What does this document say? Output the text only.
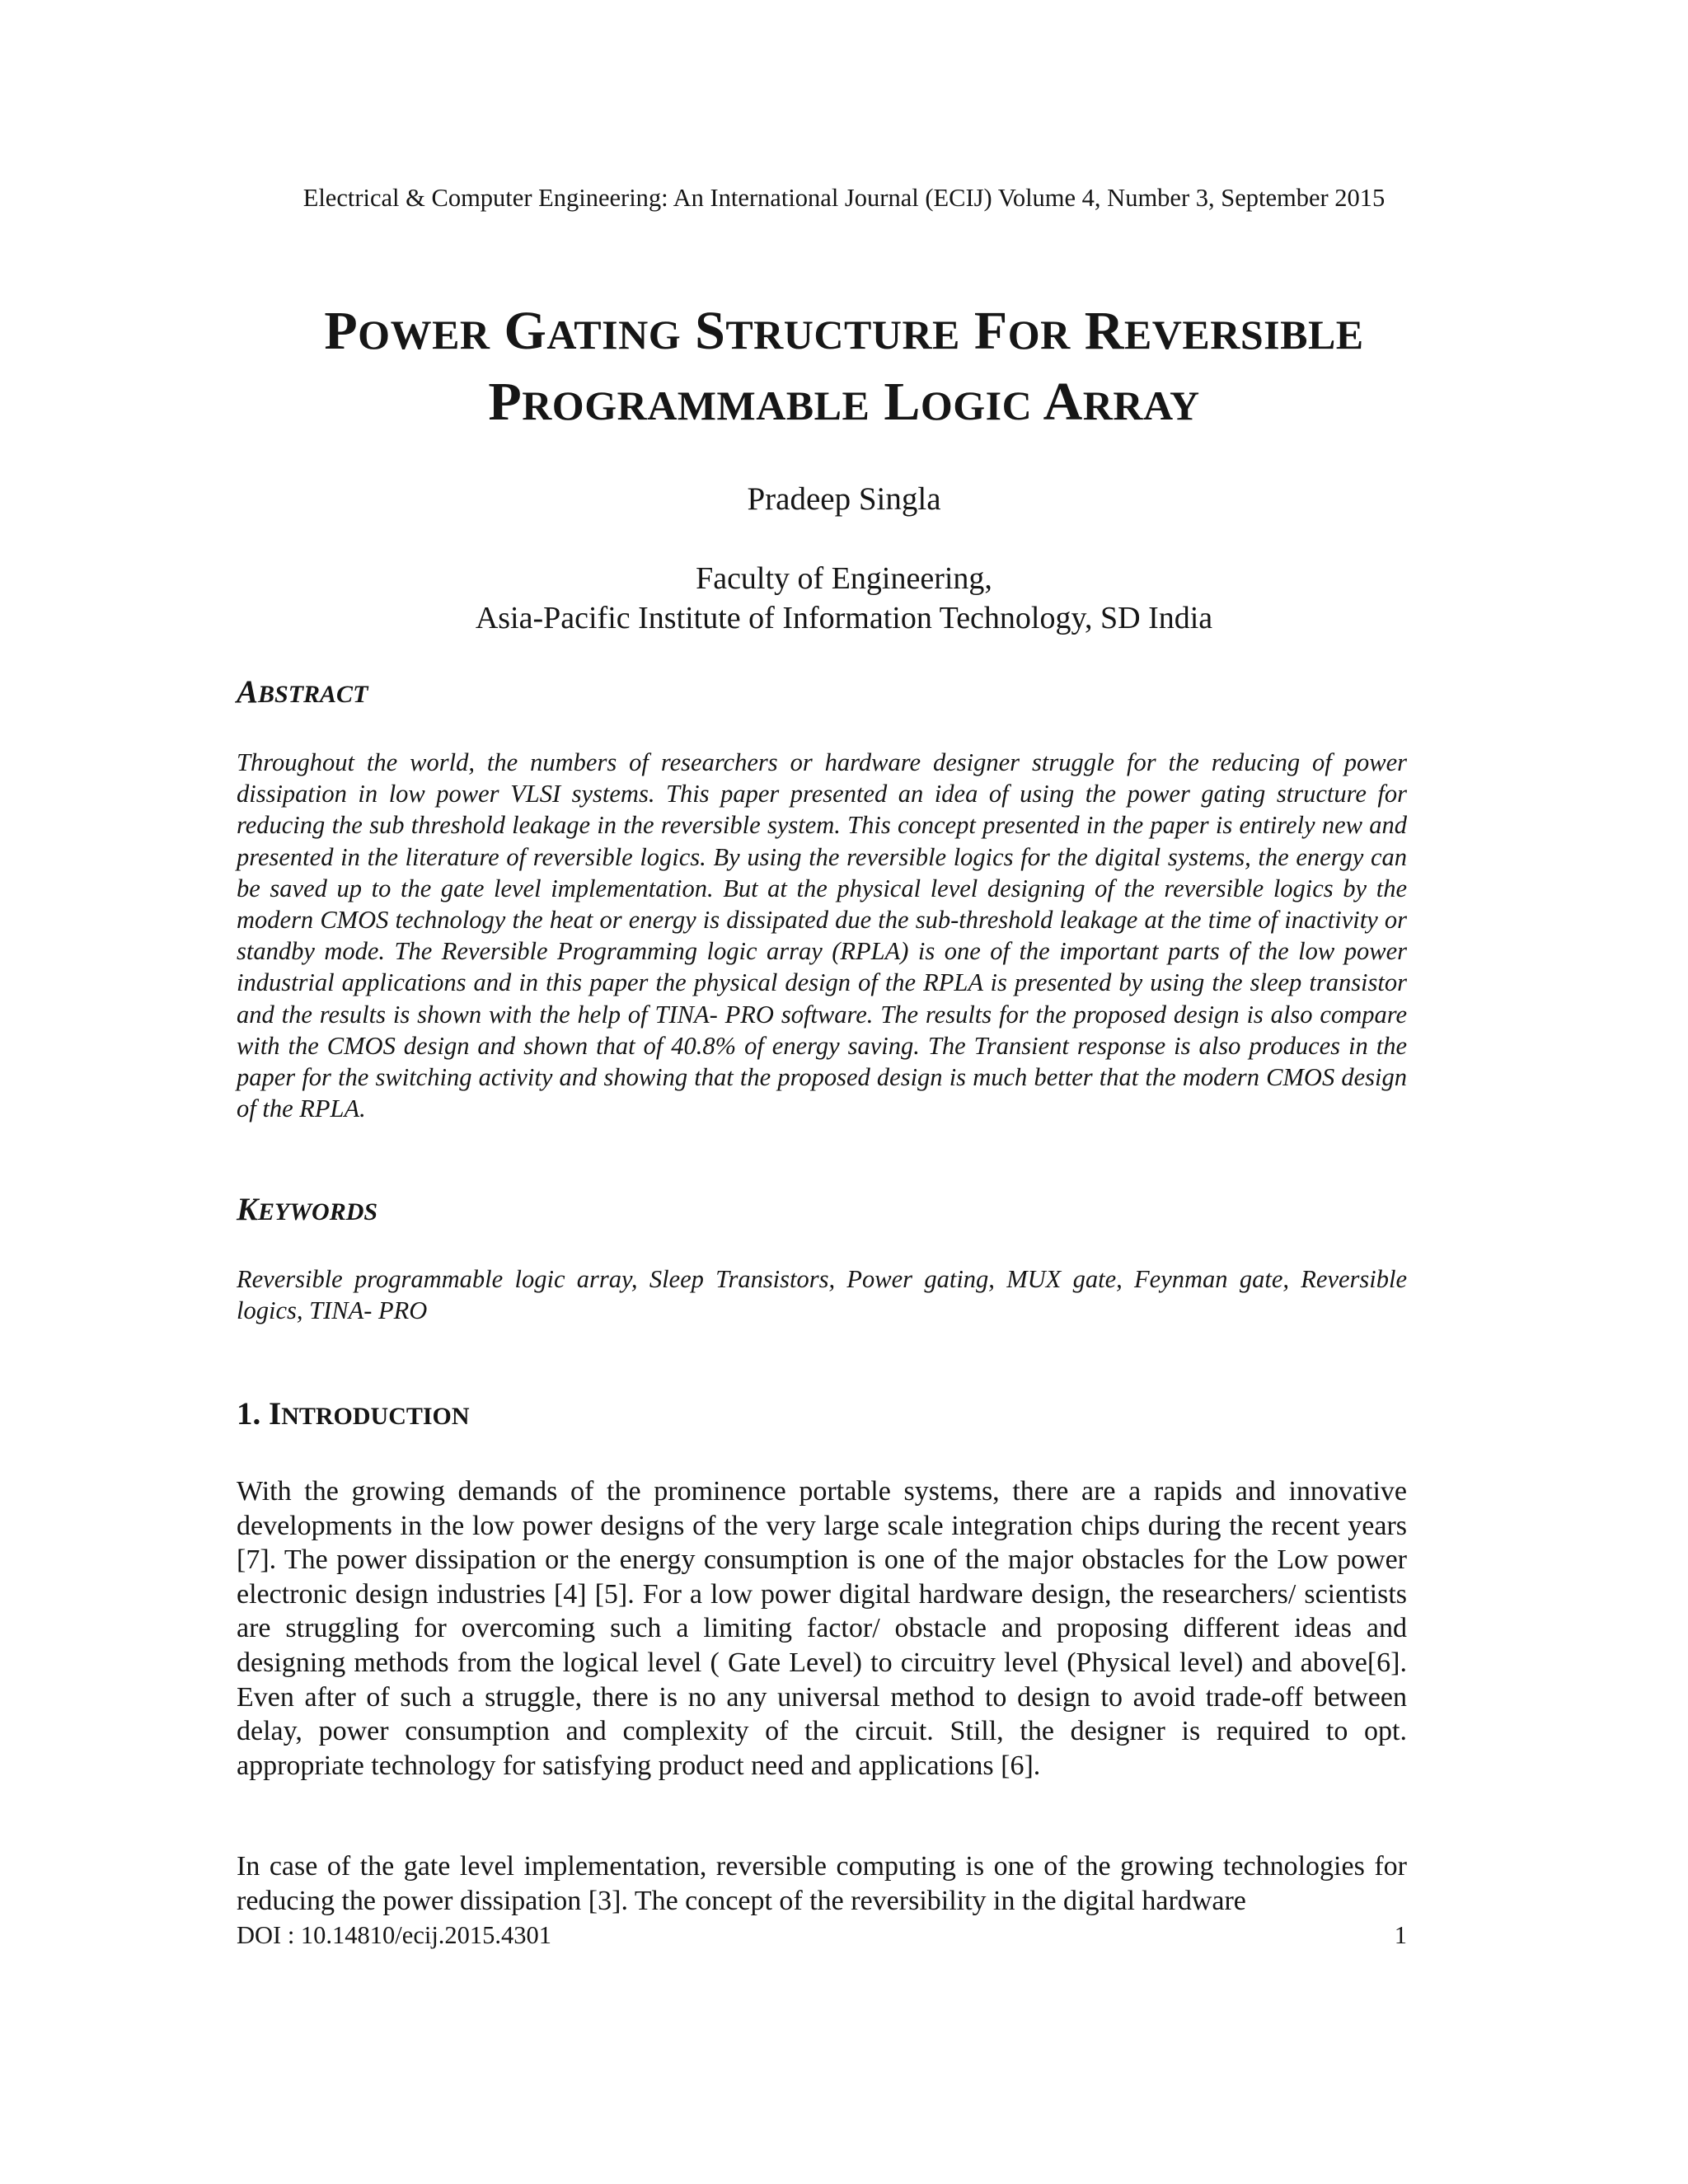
Electrical & Computer Engineering: An International Journal (ECIJ) Volume 4, Number 3, September 2015
POWER GATING STRUCTURE FOR REVERSIBLE
PROGRAMMABLE LOGIC ARRAY
Pradeep Singla
Faculty of Engineering,
Asia-Pacific Institute of Information Technology, SD India
ABSTRACT
Throughout the world, the numbers of researchers or hardware designer struggle for the reducing of power dissipation in low power VLSI systems. This paper presented an idea of using the power gating structure for reducing the sub threshold leakage in the reversible system. This concept presented in the paper is entirely new and presented in the literature of reversible logics. By using the reversible logics for the digital systems, the energy can be saved up to the gate level implementation. But at the physical level designing of the reversible logics by the modern CMOS technology the heat or energy is dissipated due the sub-threshold leakage at the time of inactivity or standby mode. The Reversible Programming logic array (RPLA) is one of the important parts of the low power industrial applications and in this paper the physical design of the RPLA is presented by using the sleep transistor and the results is shown with the help of TINA- PRO software. The results for the proposed design is also compare with the CMOS design and shown that of 40.8% of energy saving. The Transient response is also produces in the paper for the switching activity and showing that the proposed design is much better that the modern CMOS design of the RPLA.
KEYWORDS
Reversible programmable logic array, Sleep Transistors, Power gating, MUX gate, Feynman gate, Reversible logics, TINA- PRO
1. INTRODUCTION
With the growing demands of the prominence portable systems, there are a rapids and innovative developments in the low power designs of the very large scale integration chips during the recent years [7]. The power dissipation or the energy consumption is one of the major obstacles for the Low power electronic design industries [4] [5]. For a low power digital hardware design, the researchers/ scientists are struggling for overcoming such a limiting factor/ obstacle and proposing different ideas and designing methods from the logical level ( Gate Level) to circuitry level (Physical level) and above[6]. Even after of such a struggle, there is no any universal method to design to avoid trade-off between delay, power consumption and complexity of the circuit. Still, the designer is required to opt. appropriate technology for satisfying product need and applications [6].
In case of the gate level implementation, reversible computing is one of the growing technologies for reducing the power dissipation [3]. The concept of the reversibility in the digital hardware
DOI : 10.14810/ecij.2015.4301	1
